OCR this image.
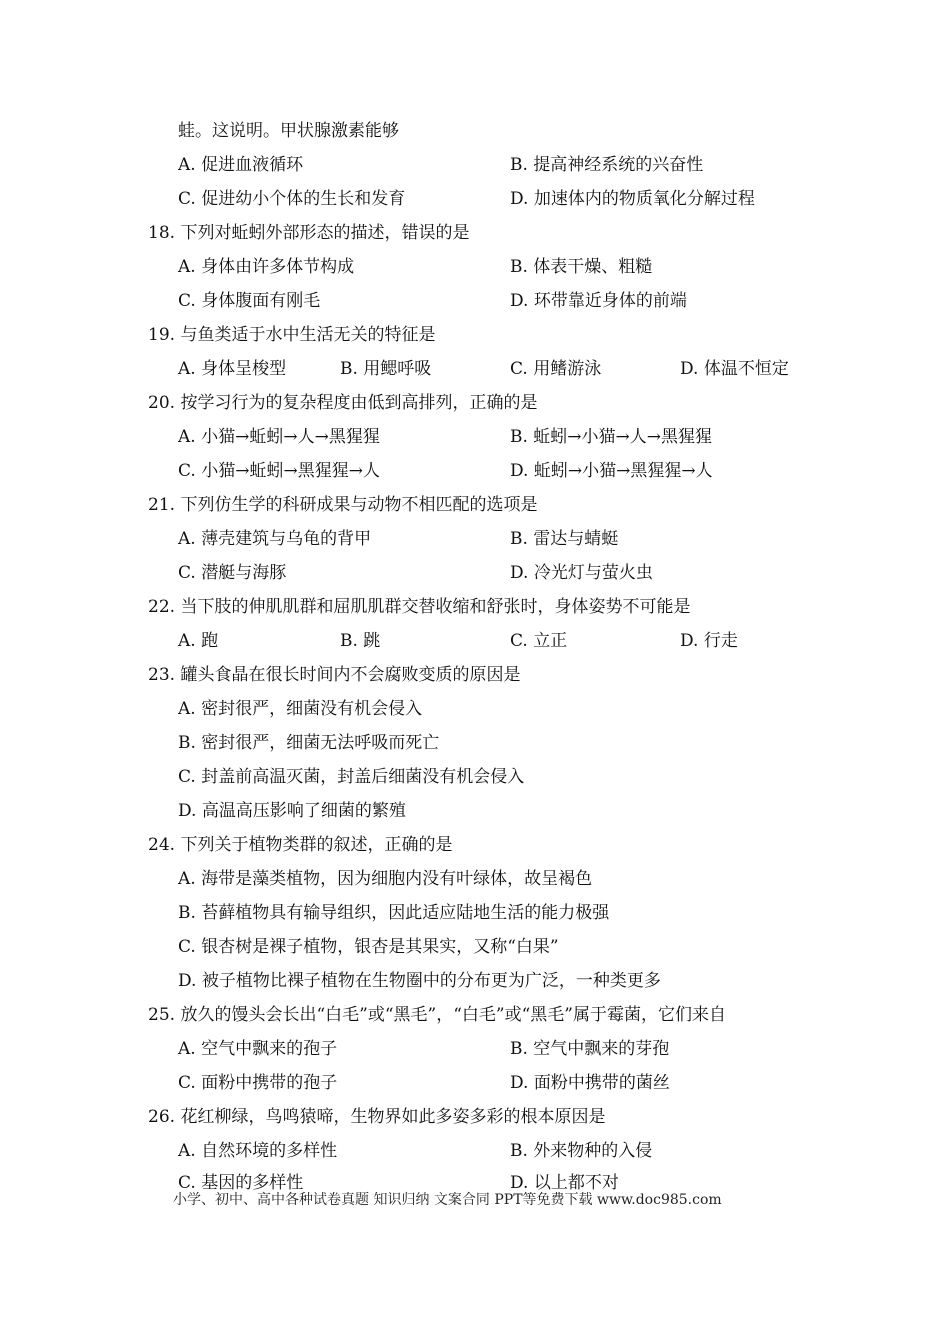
蛙。这说明。甲状腺激素能够
A. 促进血液循环	B. 提高神经系统的兴奋性
C. 促进幼小个体的生长和发育	D. 加速体内的物质氧化分解过程
18. 下列对蚯蚓外部形态的描述，错误的是
A. 身体由许多体节构成	B. 体表干燥、粗糙
C. 身体腹面有刚毛	D. 环带靠近身体的前端
19. 与鱼类适于水中生活无关的特征是
A. 身体呈梭型	B. 用鳃呼吸	C. 用鳍游泳	D. 体温不恒定
20. 按学习行为的复杂程度由低到高排列，正确的是
A. 小猫→蚯蚓→人→黑猩猩	B. 蚯蚓→小猫→人→黑猩猩
C. 小猫→蚯蚓→黑猩猩→人	D. 蚯蚓→小猫→黑猩猩→人
21. 下列仿生学的科研成果与动物不相匹配的选项是
A. 薄壳建筑与乌龟的背甲	B. 雷达与蜻蜓
C. 潜艇与海豚	D. 冷光灯与萤火虫
22. 当下肢的伸肌肌群和屈肌肌群交替收缩和舒张时，身体姿势不可能是
A. 跑	B. 跳	C. 立正	D. 行走
23. 罐头食晶在很长时间内不会腐败变质的原因是
A. 密封很严，细菌没有机会侵入
B. 密封很严，细菌无法呼吸而死亡
C. 封盖前高温灭菌，封盖后细菌没有机会侵入
D. 高温高压影响了细菌的繁殖
24. 下列关于植物类群的叙述，正确的是
A. 海带是藻类植物，因为细胞内没有叶绿体，故呈褐色
B. 苔藓植物具有输导组织，因此适应陆地生活的能力极强
C. 银杏树是裸子植物，银杏是其果实，又称“白果”
D. 被子植物比裸子植物在生物圈中的分布更为广泛，一种类更多
25. 放久的馒头会长出“白毛”或“黑毛”，“白毛”或“黑毛”属于霉菌，它们来自
A. 空气中飘来的孢子	B. 空气中飘来的芽孢
C. 面粉中携带的孢子	D. 面粉中携带的菌丝
26. 花红柳绿，鸟鸣猿啼，生物界如此多姿多彩的根本原因是
A. 自然环境的多样性	B. 外来物种的入侵
C. 基因的多样性	D. 以上都不对
小学、初中、高中各种试卷真题 知识归纳 文案合同 PPT等免费下载 www.doc985.com
